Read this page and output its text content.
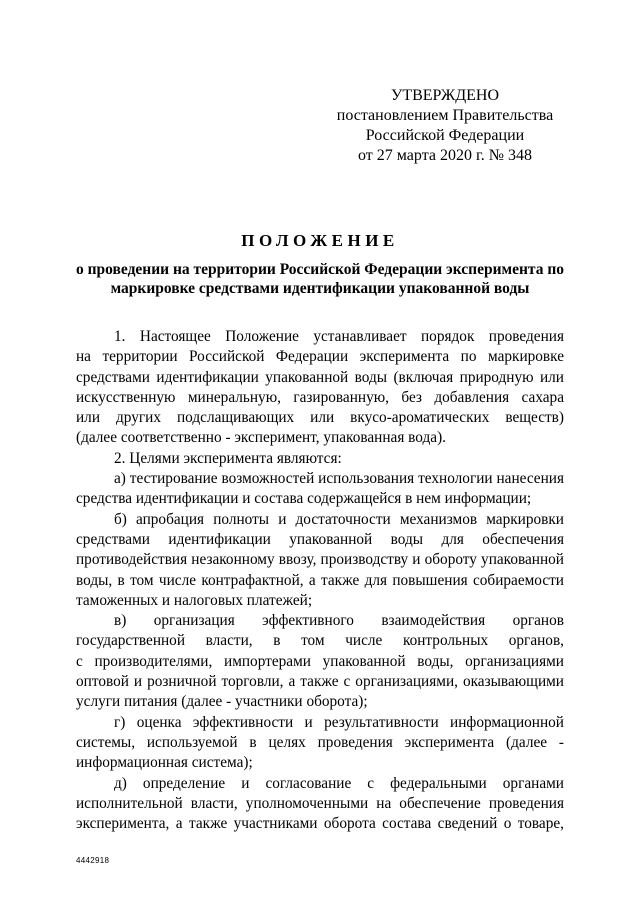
УТВЕРЖДЕНО
постановлением Правительства
Российской Федерации
от 27 марта 2020 г. № 348
ПОЛОЖЕНИЕ
о проведении на территории Российской Федерации эксперимента по
маркировке средствами идентификации упакованной воды
1. Настоящее Положение устанавливает порядок проведения
на территории Российской Федерации эксперимента по маркировке
средствами идентификации упакованной воды (включая природную или
искусственную минеральную, газированную, без добавления сахара
или других подслащивающих или вкусо-ароматических веществ)
(далее соответственно - эксперимент, упакованная вода).
2. Целями эксперимента являются:
а) тестирование возможностей использования технологии нанесения
средства идентификации и состава содержащейся в нем информации;
б) апробация полноты и достаточности механизмов маркировки
средствами идентификации упакованной воды для обеспечения
противодействия незаконному ввозу, производству и обороту упакованной
воды, в том числе контрафактной, а также для повышения собираемости
таможенных и налоговых платежей;
в) организация эффективного взаимодействия органов
государственной власти, в том числе контрольных органов,
с производителями, импортерами упакованной воды, организациями
оптовой и розничной торговли, а также с организациями, оказывающими
услуги питания (далее - участники оборота);
г) оценка эффективности и результативности информационной
системы, используемой в целях проведения эксперимента (далее -
информационная система);
д) определение и согласование с федеральными органами
исполнительной власти, уполномоченными на обеспечение проведения
эксперимента, а также участниками оборота состава сведений о товаре,
4442918
